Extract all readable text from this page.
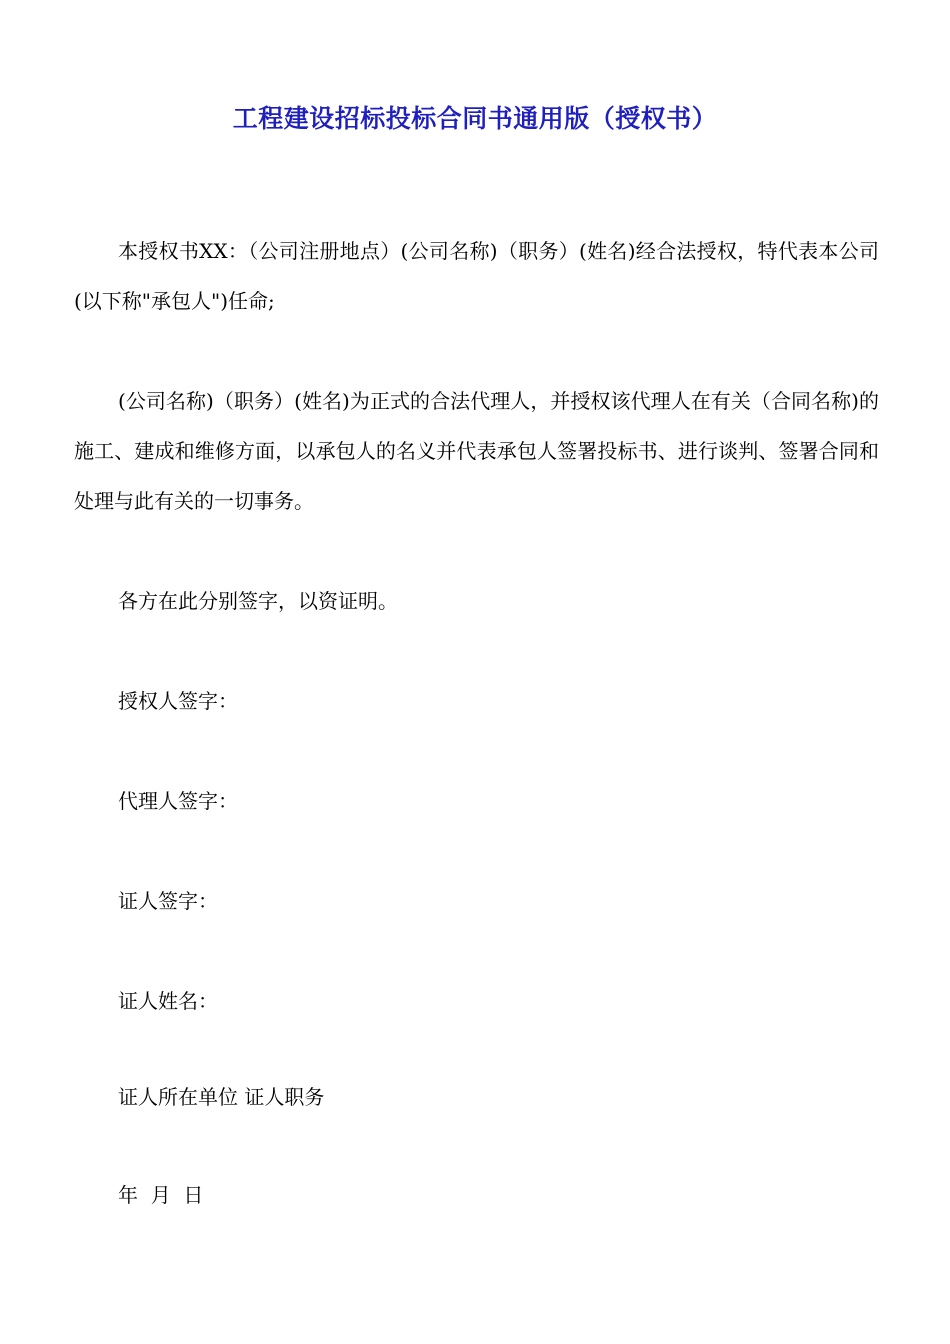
工程建设招标投标合同书通用版（授权书）

本授权书XX：（公司注册地点）(公司名称)（职务）(姓名)经合法授权，特代表本公司(以下称"承包人")任命;

(公司名称)（职务）(姓名)为正式的合法代理人，并授权该代理人在有关（合同名称)的施工、建成和维修方面，以承包人的名义并代表承包人签署投标书、进行谈判、签署合同和处理与此有关的一切事务。

各方在此分别签字，以资证明。

授权人签字：

代理人签字：

证人签字：

证人姓名：

证人所在单位 证人职务

年  月  日
